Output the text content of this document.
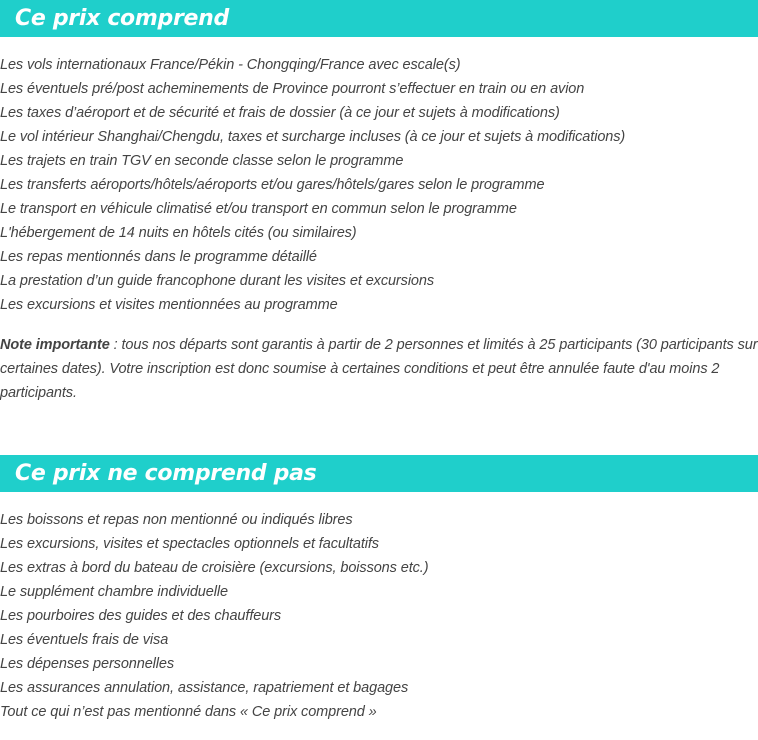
Ce prix comprend
Les vols internationaux France/Pékin - Chongqing/France avec escale(s)
Les éventuels pré/post acheminements de Province pourront s’effectuer en train ou en avion
Les taxes d’aéroport et de sécurité et frais de dossier (à ce jour et sujets à modifications)
Le vol intérieur Shanghai/Chengdu, taxes et surcharge incluses (à ce jour et sujets à modifications)
Les trajets en train TGV en seconde classe selon le programme
Les transferts aéroports/hôtels/aéroports et/ou gares/hôtels/gares selon le programme
Le transport en véhicule climatisé et/ou transport en commun selon le programme
L'hébergement de 14 nuits en hôtels cités (ou similaires)
Les repas mentionnés dans le programme détaillé
La prestation d’un guide francophone durant les visites et excursions
Les excursions et visites mentionnées au programme

Note importante : tous nos départs sont garantis à partir de 2 personnes et limités à 25 participants (30 participants sur certaines dates). Votre inscription est donc soumise à certaines conditions et peut être annulée faute d'au moins 2 participants.

Ce prix ne comprend pas
Les boissons et repas non mentionné ou indiqués libres
Les excursions, visites et spectacles optionnels et facultatifs
Les extras à bord du bateau de croisière (excursions, boissons etc.)
Le supplément chambre individuelle
Les pourboires des guides et des chauffeurs
Les éventuels frais de visa
Les dépenses personnelles
Les assurances annulation, assistance, rapatriement et bagages
Tout ce qui n’est pas mentionné dans « Ce prix comprend »
